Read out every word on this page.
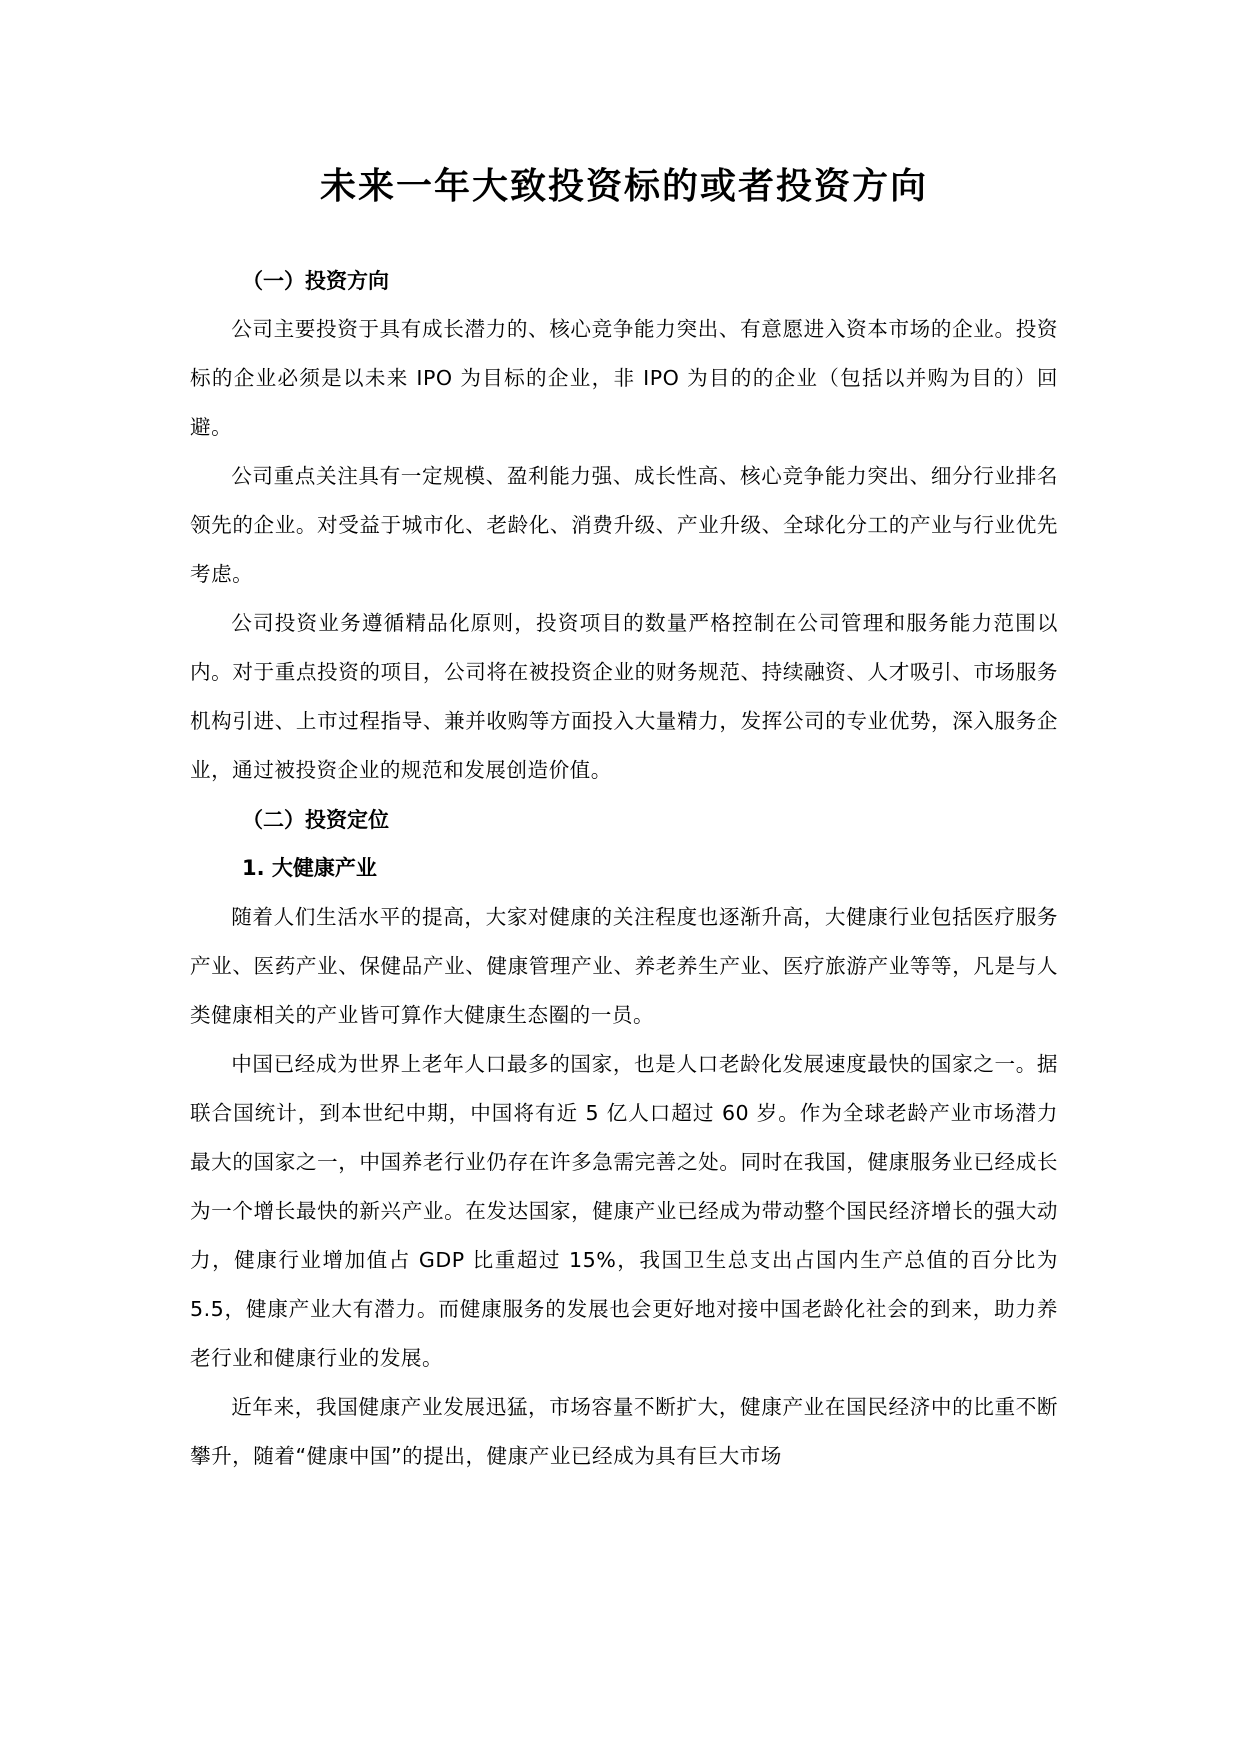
未来一年大致投资标的或者投资方向
（一）投资方向

公司主要投资于具有成长潜力的、核心竞争能力突出、有意愿进入资本市场的企业。投资标的企业必须是以未来 IPO 为目标的企业，非 IPO 为目的的企业（包括以并购为目的）回避。

公司重点关注具有一定规模、盈利能力强、成长性高、核心竞争能力突出、细分行业排名领先的企业。对受益于城市化、老龄化、消费升级、产业升级、全球化分工的产业与行业优先考虑。

公司投资业务遵循精品化原则，投资项目的数量严格控制在公司管理和服务能力范围以内。对于重点投资的项目，公司将在被投资企业的财务规范、持续融资、人才吸引、市场服务机构引进、上市过程指导、兼并收购等方面投入大量精力，发挥公司的专业优势，深入服务企业，通过被投资企业的规范和发展创造价值。

（二）投资定位
1. 大健康产业

随着人们生活水平的提高，大家对健康的关注程度也逐渐升高，大健康行业包括医疗服务产业、医药产业、保健品产业、健康管理产业、养老养生产业、医疗旅游产业等等，凡是与人类健康相关的产业皆可算作大健康生态圈的一员。

中国已经成为世界上老年人口最多的国家，也是人口老龄化发展速度最快的国家之一。据联合国统计，到本世纪中期，中国将有近 5 亿人口超过 60 岁。作为全球老龄产业市场潜力最大的国家之一，中国养老行业仍存在许多急需完善之处。同时在我国，健康服务业已经成长为一个增长最快的新兴产业。在发达国家，健康产业已经成为带动整个国民经济增长的强大动力，健康行业增加值占 GDP 比重超过 15%，我国卫生总支出占国内生产总值的百分比为 5.5，健康产业大有潜力。而健康服务的发展也会更好地对接中国老龄化社会的到来，助力养老行业和健康行业的发展。

近年来，我国健康产业发展迅猛，市场容量不断扩大，健康产业在国民经济中的比重不断攀升，随着“健康中国”的提出，健康产业已经成为具有巨大市场
